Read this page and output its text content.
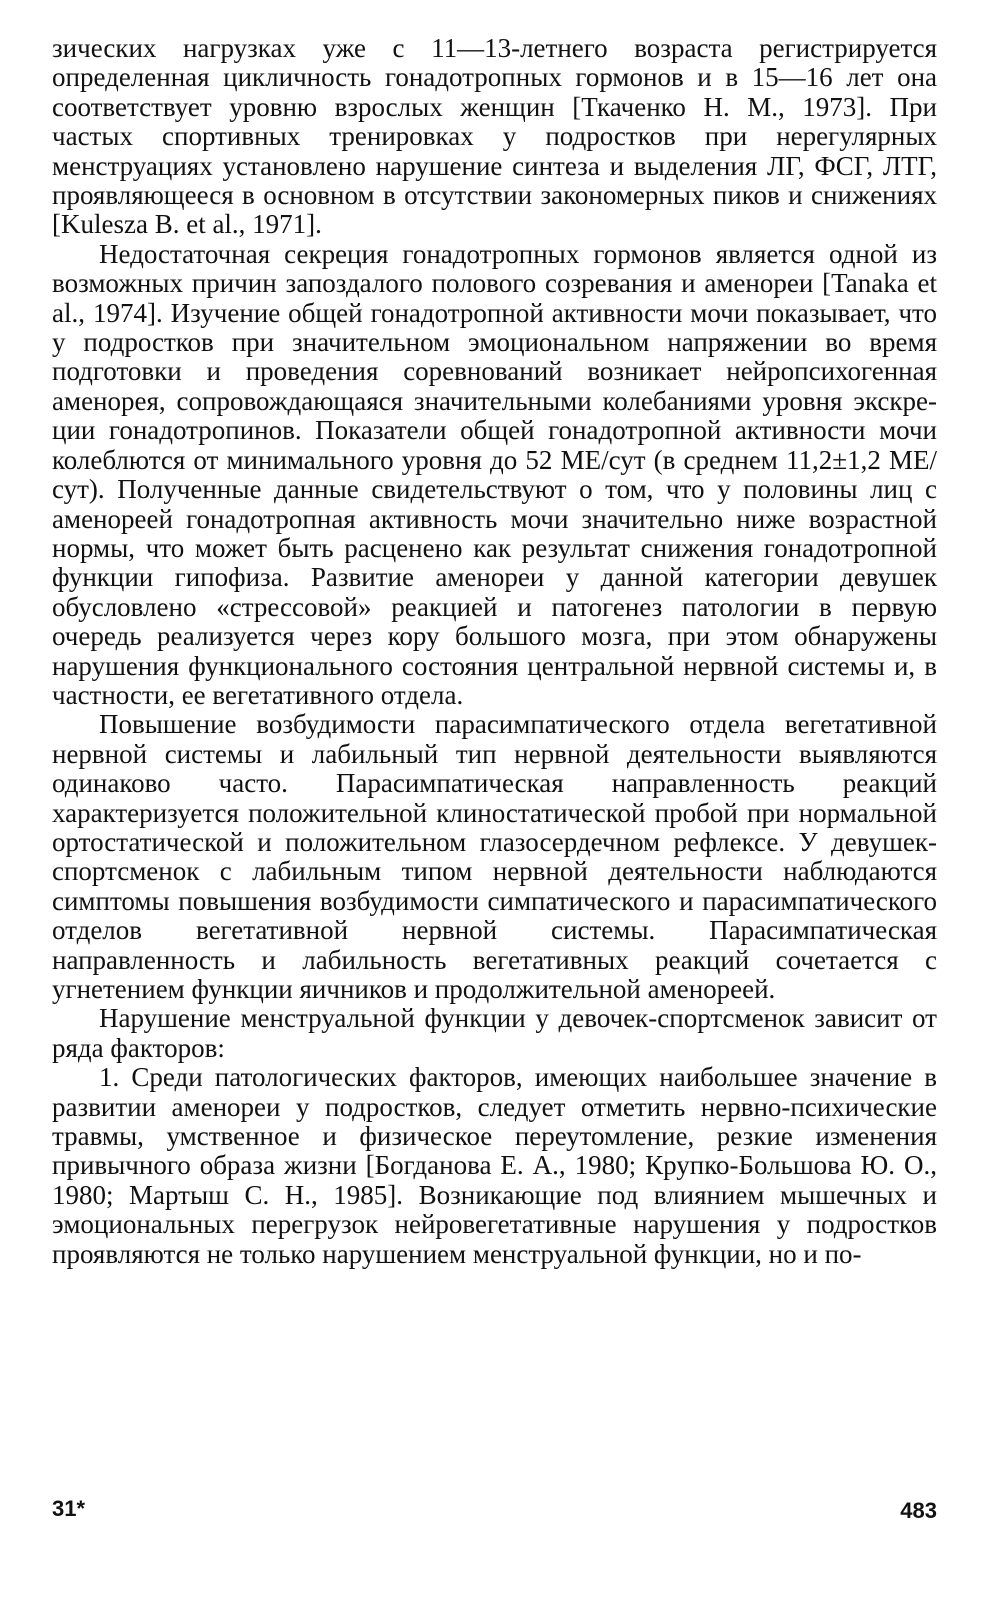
зических нагрузках уже с 11—13-летнего возраста регистрируется определенная цикличность гонадотропных гормонов и в 15—16 лет она соответствует уровню взрослых женщин [Ткаченко Н. М., 1973]. При частых спортивных тренировках у подростков при нерегулярных менструациях установлено нарушение синтеза и выделения ЛГ, ФСГ, ЛТГ, проявляющееся в основном в отсутствии закономерных пиков и снижениях [Kulesza В. et al., 1971].

Недостаточная секреция гонадотропных гормонов является одной из возможных причин запоздалого полового созревания и аменореи [Tanaka et al., 1974]. Изучение общей гонадотропной активности мочи показывает, что у подростков при значительном эмоциональном напряжении во время подготовки и проведения соревнований возникает нейропсихогенная аменорея, сопровождающаяся значительными колебаниями уровня экскреции гонадотропинов. Показатели общей гонадотропной активности мочи колеблются от минимального уровня до 52 МЕ/сут (в среднем 11,2±1,2 МЕ/сут). Полученные данные свидетельствуют о том, что у половины лиц с аменореей гонадотропная активность мочи значительно ниже возрастной нормы, что может быть расценено как результат снижения гонадотропной функции гипофиза. Развитие аменореи у данной категории девушек обусловлено «стрессовой» реакцией и патогенез патологии в первую очередь реализуется через кору большого мозга, при этом обнаружены нарушения функционального состояния центральной нервной системы и, в частности, ее вегетативного отдела.

Повышение возбудимости парасимпатического отдела вегетативной нервной системы и лабильный тип нервной деятельности выявляются одинаково часто. Парасимпатическая направленность реакций характеризуется положительной клиностатической пробой при нормальной ортостатической и положительном глазосердечном рефлексе. У девушек-спортсменок с лабильным типом нервной деятельности наблюдаются симптомы повышения возбудимости симпатического и парасимпатического отделов вегетативной нервной системы. Парасимпатическая направленность и лабильность вегетативных реакций сочетается с угнетением функции яичников и продолжительной аменореей.

Нарушение менструальной функции у девочек-спортсменок зависит от ряда факторов:

1. Среди патологических факторов, имеющих наибольшее значение в развитии аменореи у подростков, следует отметить нервно-психические травмы, умственное и физическое переутомление, резкие изменения привычного образа жизни [Богданова Е. А., 1980; Крупко-Большова Ю. О., 1980; Мартыш С. Н., 1985]. Возникающие под влиянием мышечных и эмоциональных перегрузок нейровегетативные нарушения у подростков проявляются не только нарушением менструальной функции, но и по-

31*	483
